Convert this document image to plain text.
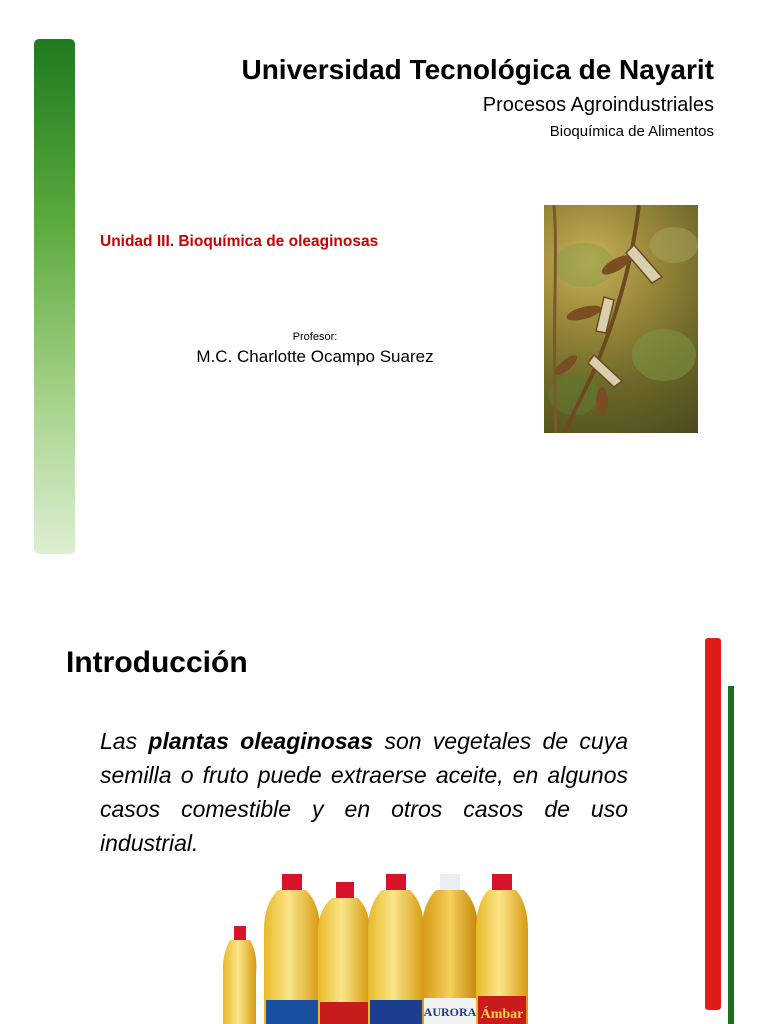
Universidad Tecnológica de Nayarit
Procesos Agroindustriales
Bioquímica de Alimentos
Unidad III. Bioquímica de oleaginosas
Profesor:
M.C. Charlotte Ocampo Suarez
Introducción
Las plantas oleaginosas son vegetales de cuya semilla o fruto puede extraerse aceite, en algunos casos comestible y en otros casos de uso industrial.
AURORA Ámbar
